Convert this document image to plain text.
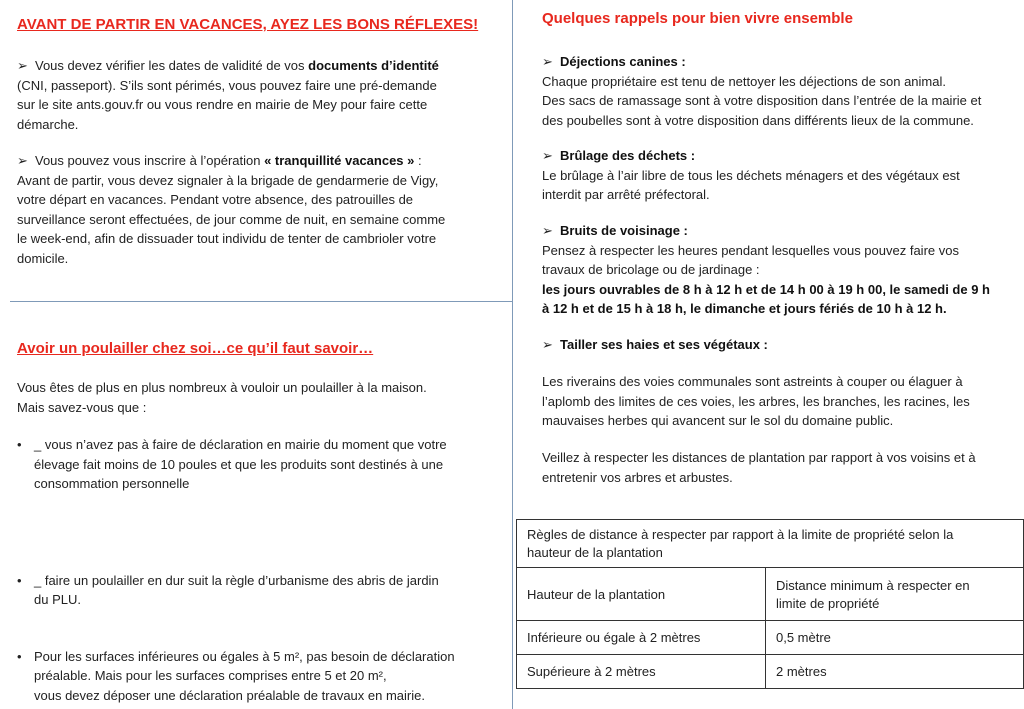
AVANT DE PARTIR EN VACANCES, AYEZ LES BONS RÉFLEXES!

➢ Vous devez vérifier les dates de validité de vos documents d’identité

(CNI, passeport). S’ils sont périmés, vous pouvez faire une pré-demande

sur le site ants.gouv.fr ou vous rendre en mairie de Mey pour faire cette

démarche.

➢ Vous pouvez vous inscrire à l’opération « tranquillité vacances » :

Avant de partir, vous devez signaler à la brigade de gendarmerie de Vigy,

votre départ en vacances. Pendant votre absence, des patrouilles de

surveillance seront effectuées, de jour comme de nuit, en semaine comme

le week-end, afin de dissuader tout individu de tenter de cambrioler votre

domicile.

Avoir un poulailler chez soi…ce qu’il faut savoir…

Vous êtes de plus en plus nombreux à vouloir un poulailler à la maison.

Mais savez-vous que :

• _ vous n’avez pas à faire de déclaration en mairie du moment que votre

élevage fait moins de 10 poules et que les produits sont destinés à une

consommation personnelle

• _ faire un poulailler en dur suit la règle d’urbanisme des abris de jardin

du PLU.

• Pour les surfaces inférieures ou égales à 5 m², pas besoin de déclaration

préalable. Mais pour les surfaces comprises entre 5 et 20 m²,

vous devez déposer une déclaration préalable de travaux en mairie.

Quelques rappels pour bien vivre ensemble

➢ Déjections canines :

Chaque propriétaire est tenu de nettoyer les déjections de son animal.

Des sacs de ramassage sont à votre disposition dans l’entrée de la mairie et

des poubelles sont à votre disposition dans différents lieux de la commune.

➢ Brûlage des déchets :

Le brûlage à l’air libre de tous les déchets ménagers et des végétaux est

interdit par arrêté préfectoral.

➢ Bruits de voisinage :

Pensez à respecter les heures pendant lesquelles vous pouvez faire vos

travaux de bricolage ou de jardinage :

les jours ouvrables de 8 h à 12 h et de 14 h 00 à 19 h 00, le samedi de 9 h

à 12 h et de 15 h à 18 h, le dimanche et jours fériés de 10 h à 12 h.

➢ Tailler ses haies et ses végétaux :

Les riverains des voies communales sont astreints à couper ou élaguer à

l’aplomb des limites de ces voies, les arbres, les branches, les racines, les

mauvaises herbes qui avancent sur le sol du domaine public.

Veillez à respecter les distances de plantation par rapport à vos voisins et à

entretenir vos arbres et arbustes.

Règles de distance à respecter par rapport à la limite de propriété selon la
hauteur de la plantation	

Hauteur de la plantation	Distance minimum à respecter en
limite de propriété

Inférieure ou égale à 2 mètres	0,5 mètre
Supérieure à 2 mètres	2 mètres
